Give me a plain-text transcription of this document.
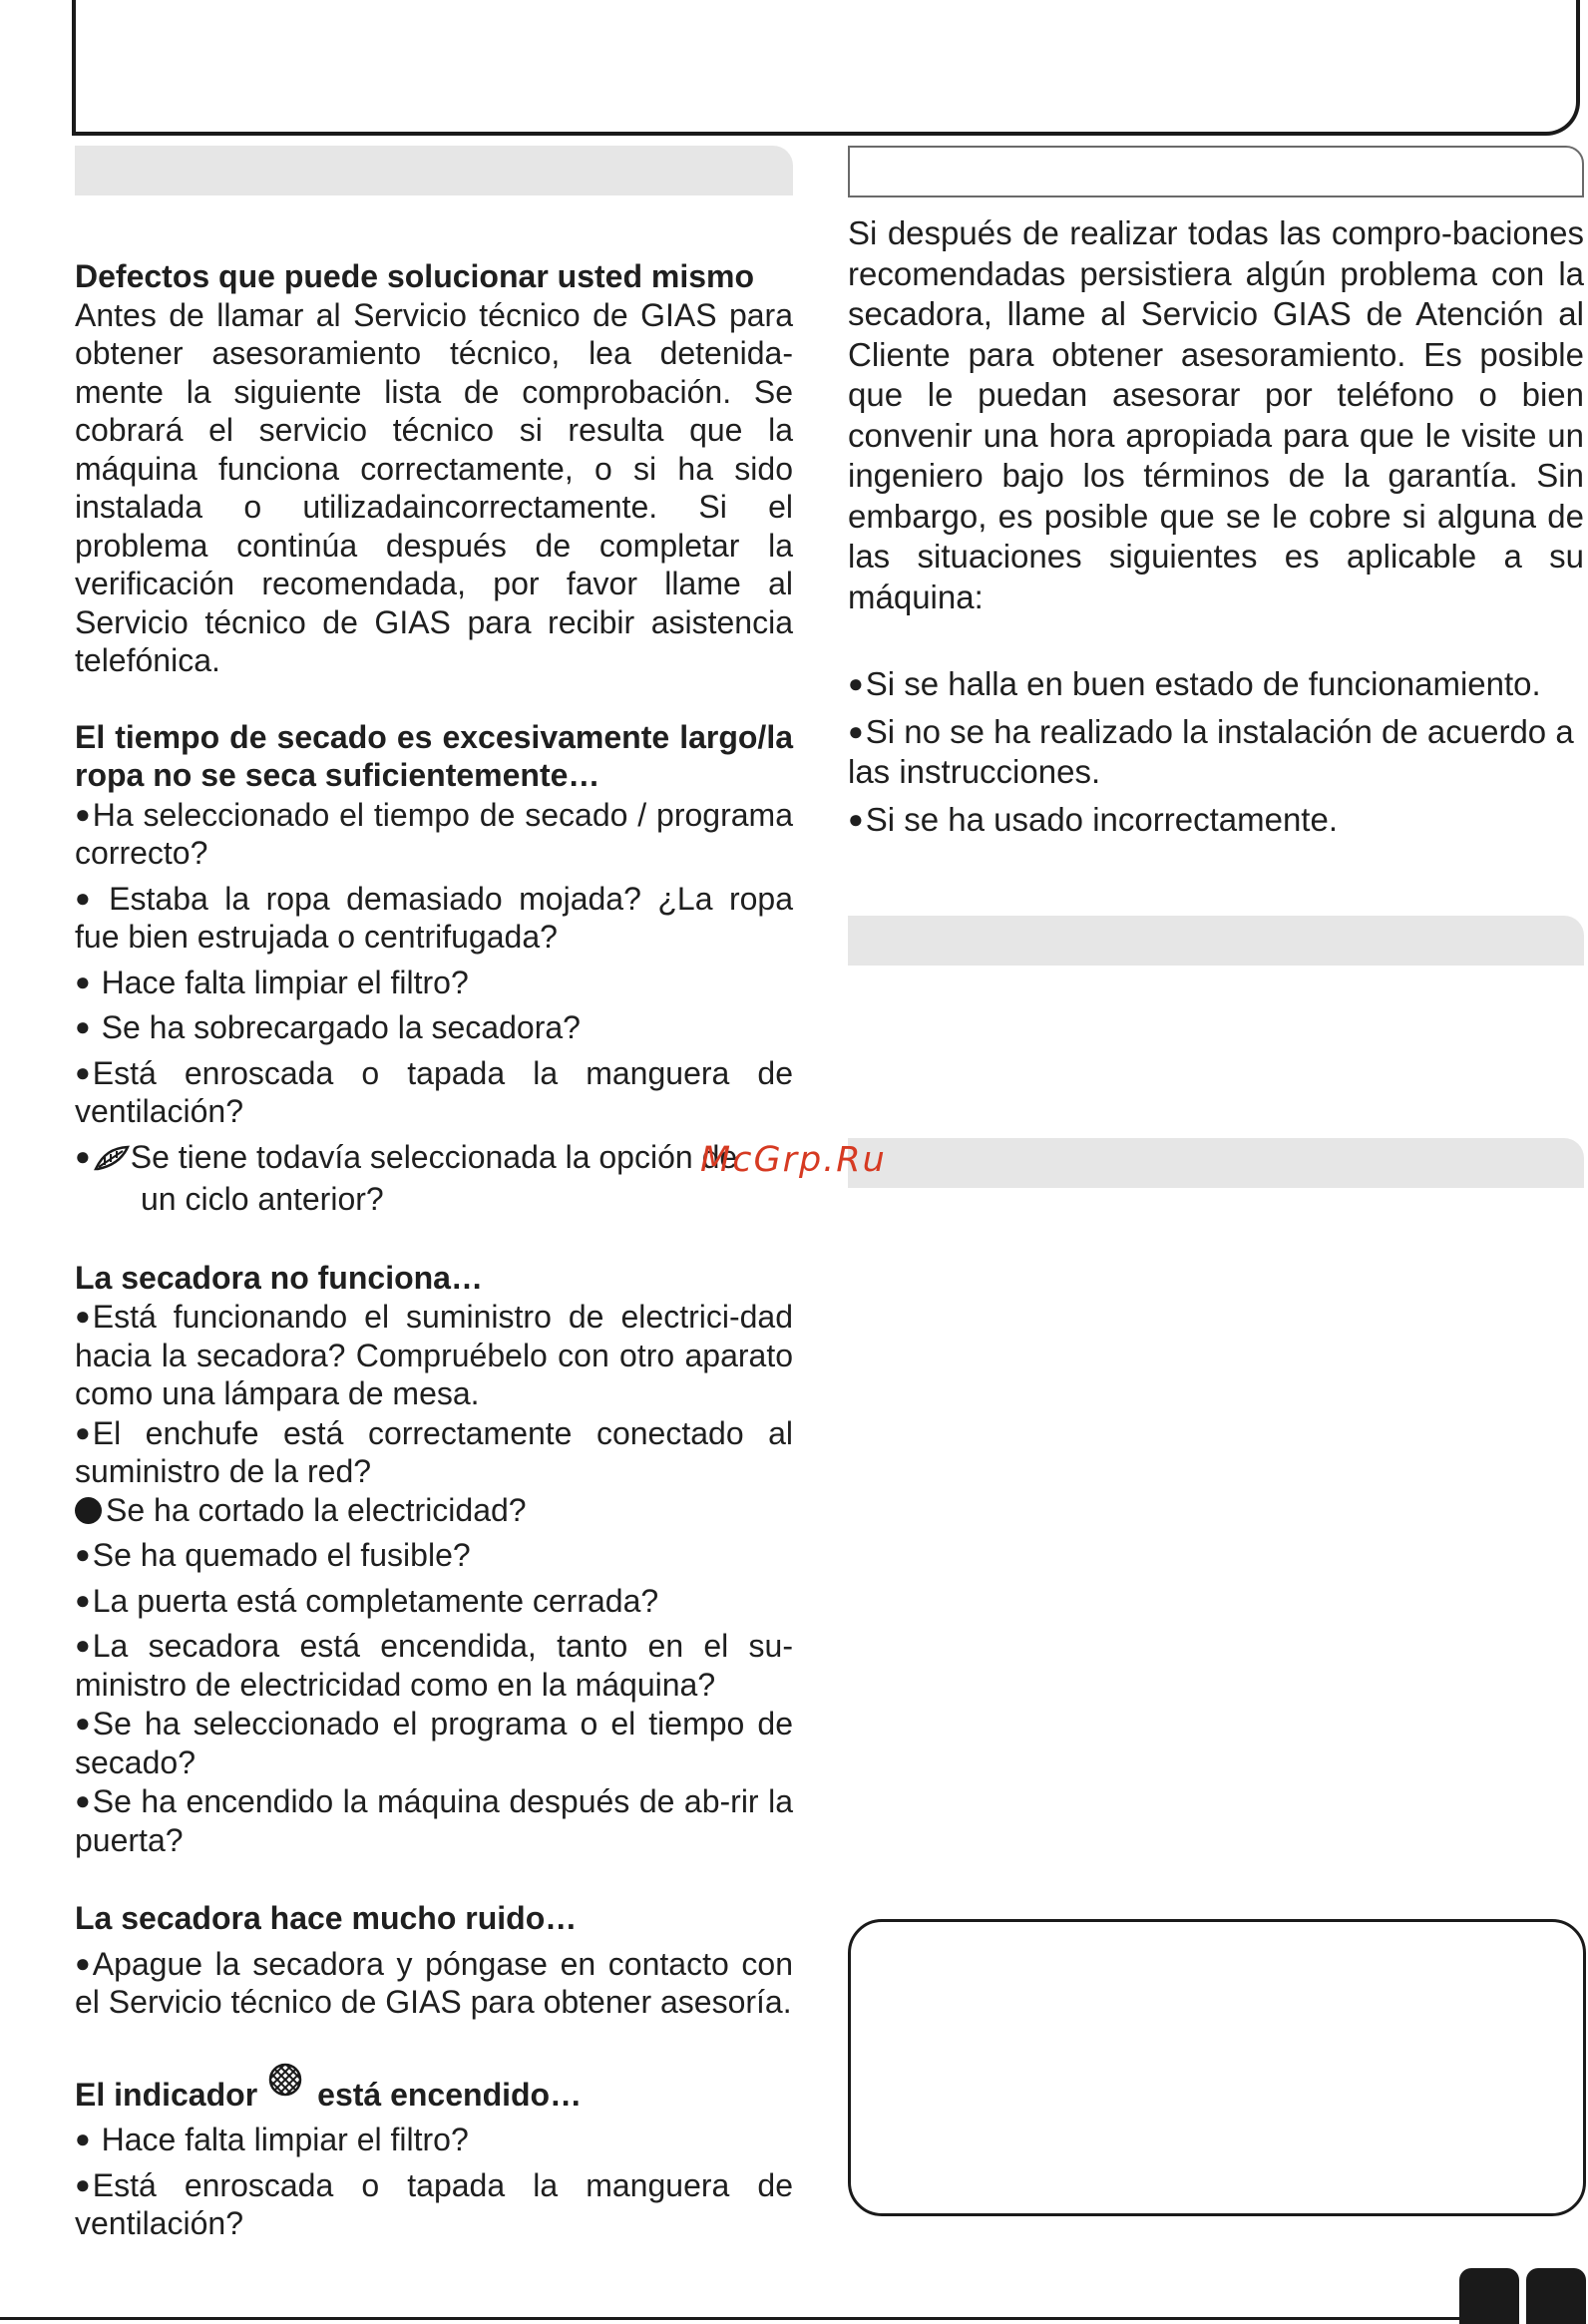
Defectos que puede solucionar usted mismo

Antes de llamar al Servicio técnico de GIAS para obtener asesoramiento técnico, lea detenida-mente la siguiente lista de comprobación. Se cobrará el servicio técnico si resulta que la máquina funciona correctamente, o si ha sido instalada o utilizadaincorrectamente. Si el problema continúa después de completar la verificación recomendada, por favor llame al Servicio técnico de GIAS para recibir asistencia telefónica.

El tiempo de secado es excesivamente largo/la ropa no se seca suficientemente…

●Ha seleccionado el tiempo de secado / programa correcto?

● Estaba la ropa demasiado mojada? ¿La ropa fue bien estrujada o centrifugada?

● Hace falta limpiar el filtro?

● Se ha sobrecargado la secadora?

●Está enroscada o tapada la manguera de ventilación?

● Se tiene todavía seleccionada la opción de
un ciclo anterior?

La secadora no funciona…

●Está funcionando el suministro de electrici-dad hacia la secadora? Compruébelo con otro aparato como una lámpara de mesa.

●El enchufe está correctamente conectado al suministro de la red?

Se ha cortado la electricidad?

●Se ha quemado el fusible?

●La puerta está completamente cerrada?

●La secadora está encendida, tanto en el su-ministro de electricidad como en la máquina?

●Se ha seleccionado el programa o el tiempo de secado?

●Se ha encendido la máquina después de ab-rir la puerta?

La secadora hace mucho ruido…

●Apague la secadora y póngase en contacto con el Servicio técnico de GIAS para obtener asesoría.

El indicador está encendido…

● Hace falta limpiar el filtro?

●Está enroscada o tapada la manguera de ventilación?

Si después de realizar todas las compro-baciones recomendadas persistiera algún problema con la secadora, llame al Servicio GIAS de Atención al Cliente para obtener asesoramiento. Es posible que le puedan asesorar por teléfono o bien convenir una hora apropiada para que le visite un ingeniero bajo los términos de la garantía. Sin embargo, es posible que se le cobre si alguna de las situaciones siguientes es aplicable a su máquina:

●Si se halla en buen estado de funcionamiento.

●Si no se ha realizado la instalación de acuerdo a las instrucciones.

●Si se ha usado incorrectamente.

McGrp.Ru
